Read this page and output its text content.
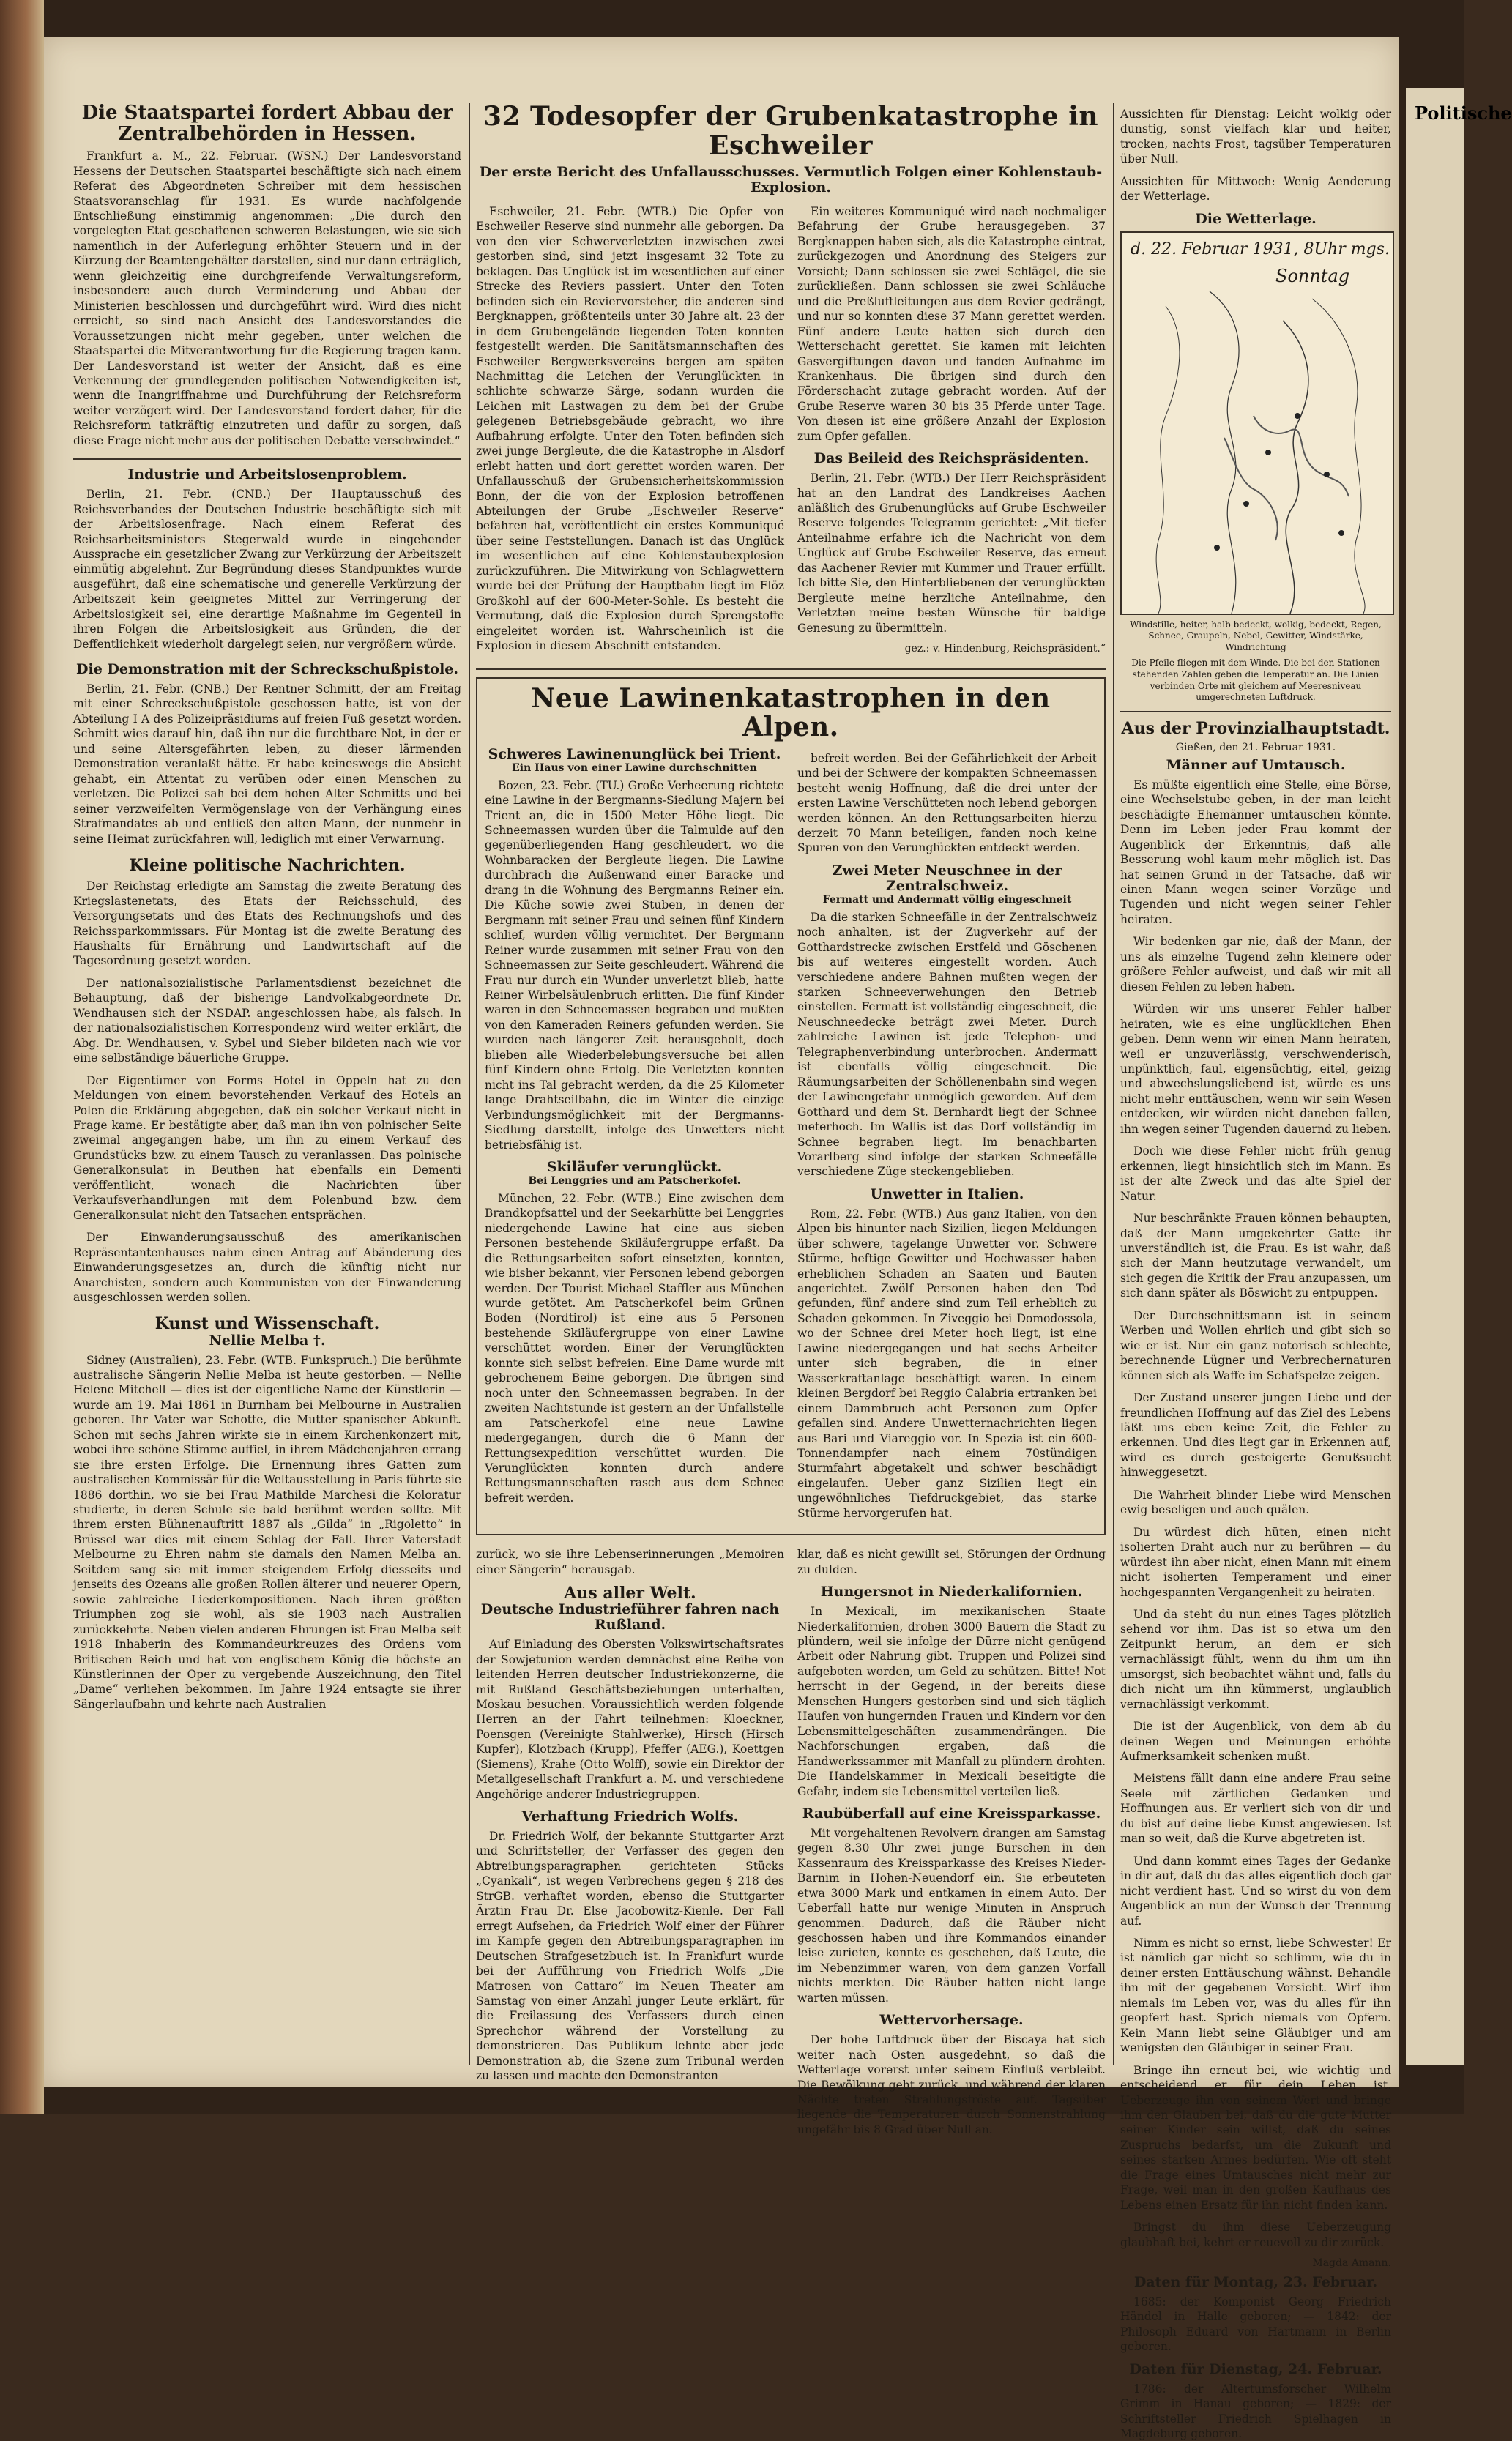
Politische
Die Staatspartei fordert Abbau der Zentralbehörden in Hessen.

Frankfurt a. M., 22. Februar. (WSN.) Der Landesvorstand Hessens der Deutschen Staatspartei beschäftigte sich nach einem Referat des Abgeordneten Schreiber mit dem hessischen Staatsvoranschlag für 1931. Es wurde nachfolgende Entschließung einstimmig angenommen: „Die durch den vorgelegten Etat geschaffenen schweren Belastungen, wie sie sich namentlich in der Auferlegung erhöhter Steuern und in der Kürzung der Beamtengehälter darstellen, sind nur dann erträglich, wenn gleichzeitig eine durchgreifende Verwaltungsreform, insbesondere auch durch Verminderung und Abbau der Ministerien beschlossen und durchgeführt wird. Wird dies nicht erreicht, so sind nach Ansicht des Landesvorstandes die Voraussetzungen nicht mehr gegeben, unter welchen die Staatspartei die Mitverantwortung für die Regierung tragen kann. Der Landesvorstand ist weiter der Ansicht, daß es eine Verkennung der grundlegenden politischen Notwendigkeiten ist, wenn die Inangriffnahme und Durchführung der Reichsreform weiter verzögert wird. Der Landesvorstand fordert daher, für die Reichsreform tatkräftig einzutreten und dafür zu sorgen, daß diese Frage nicht mehr aus der politischen Debatte verschwindet.“

Industrie und Arbeitslosenproblem.

Berlin, 21. Febr. (CNB.) Der Hauptausschuß des Reichsverbandes der Deutschen Industrie beschäftigte sich mit der Arbeitslosenfrage. Nach einem Referat des Reichsarbeitsministers Stegerwald wurde in eingehender Aussprache ein gesetzlicher Zwang zur Verkürzung der Arbeitszeit einmütig abgelehnt. Zur Begründung dieses Standpunktes wurde ausgeführt, daß eine schematische und generelle Verkürzung der Arbeitszeit kein geeignetes Mittel zur Verringerung der Arbeitslosigkeit sei, eine derartige Maßnahme im Gegenteil in ihren Folgen die Arbeitslosigkeit aus Gründen, die der Deffentlichkeit wiederholt dargelegt seien, nur vergrößern würde.

Die Demonstration mit der Schreckschußpistole.

Berlin, 21. Febr. (CNB.) Der Rentner Schmitt, der am Freitag mit einer Schreckschußpistole geschossen hatte, ist von der Abteilung I A des Polizeipräsidiums auf freien Fuß gesetzt worden. Schmitt wies darauf hin, daß ihn nur die furchtbare Not, in der er und seine Altersgefährten leben, zu dieser lärmenden Demonstration veranlaßt hätte. Er habe keineswegs die Absicht gehabt, ein Attentat zu verüben oder einen Menschen zu verletzen. Die Polizei sah bei dem hohen Alter Schmitts und bei seiner verzweifelten Vermögenslage von der Verhängung eines Strafmandates ab und entließ den alten Mann, der nunmehr in seine Heimat zurückfahren will, lediglich mit einer Verwarnung.

Kleine politische Nachrichten.

Der Reichstag erledigte am Samstag die zweite Beratung des Kriegslastenetats, des Etats der Reichsschuld, des Versorgungsetats und des Etats des Rechnungshofs und des Reichssparkommissars. Für Montag ist die zweite Beratung des Haushalts für Ernährung und Landwirtschaft auf die Tagesordnung gesetzt worden.

Der nationalsozialistische Parlamentsdienst bezeichnet die Behauptung, daß der bisherige Landvolkabgeordnete Dr. Wendhausen sich der NSDAP. angeschlossen habe, als falsch. In der nationalsozialistischen Korrespondenz wird weiter erklärt, die Abg. Dr. Wendhausen, v. Sybel und Sieber bildeten nach wie vor eine selbständige bäuerliche Gruppe.

Der Eigentümer von Forms Hotel in Oppeln hat zu den Meldungen von einem bevorstehenden Verkauf des Hotels an Polen die Erklärung abgegeben, daß ein solcher Verkauf nicht in Frage kame. Er bestätigte aber, daß man ihn von polnischer Seite zweimal angegangen habe, um ihn zu einem Verkauf des Grundstücks bzw. zu einem Tausch zu veranlassen. Das polnische Generalkonsulat in Beuthen hat ebenfalls ein Dementi veröffentlicht, wonach die Nachrichten über Verkaufsverhandlungen mit dem Polenbund bzw. dem Generalkonsulat nicht den Tatsachen entsprächen.

Der Einwanderungsausschuß des amerikanischen Repräsentantenhauses nahm einen Antrag auf Abänderung des Einwanderungsgesetzes an, durch die künftig nicht nur Anarchisten, sondern auch Kommunisten von der Einwanderung ausgeschlossen werden sollen.

Kunst und Wissenschaft.
Nellie Melba †.

Sidney (Australien), 23. Febr. (WTB. Funkspruch.) Die berühmte australische Sängerin Nellie Melba ist heute gestorben. — Nellie Helene Mitchell — dies ist der eigentliche Name der Künstlerin — wurde am 19. Mai 1861 in Burnham bei Melbourne in Australien geboren. Ihr Vater war Schotte, die Mutter spanischer Abkunft. Schon mit sechs Jahren wirkte sie in einem Kirchenkonzert mit, wobei ihre schöne Stimme auffiel, in ihrem Mädchenjahren errang sie ihre ersten Erfolge. Die Ernennung ihres Gatten zum australischen Kommissär für die Weltausstellung in Paris führte sie 1886 dorthin, wo sie bei Frau Mathilde Marchesi die Koloratur studierte, in deren Schule sie bald berühmt werden sollte. Mit ihrem ersten Bühnenauftritt 1887 als „Gilda“ in „Rigoletto“ in Brüssel war dies mit einem Schlag der Fall. Ihrer Vaterstadt Melbourne zu Ehren nahm sie damals den Namen Melba an. Seitdem sang sie mit immer steigendem Erfolg diesseits und jenseits des Ozeans alle großen Rollen älterer und neuerer Opern, sowie zahlreiche Liederkompositionen. Nach ihren größten Triumphen zog sie wohl, als sie 1903 nach Australien zurückkehrte. Neben vielen anderen Ehrungen ist Frau Melba seit 1918 Inhaberin des Kommandeurkreuzes des Ordens vom Britischen Reich und hat von englischem König die höchste an Künstlerinnen der Oper zu vergebende Auszeichnung, den Titel „Dame“ verliehen bekommen. Im Jahre 1924 entsagte sie ihrer Sängerlaufbahn und kehrte nach Australien

32 Todesopfer der Grubenkatastrophe in Eschweiler
Der erste Bericht des Unfallausschusses. Vermutlich Folgen einer Kohlenstaub-Explosion.

Eschweiler, 21. Febr. (WTB.) Die Opfer von Eschweiler Reserve sind nunmehr alle geborgen. Da von den vier Schwerverletzten inzwischen zwei gestorben sind, sind jetzt insgesamt 32 Tote zu beklagen. Das Unglück ist im wesentlichen auf einer Strecke des Reviers passiert. Unter den Toten befinden sich ein Reviervorsteher, die anderen sind Bergknappen, größtenteils unter 30 Jahre alt. 23 der in dem Grubengelände liegenden Toten konnten festgestellt werden. Die Sanitätsmannschaften des Eschweiler Bergwerksvereins bergen am späten Nachmittag die Leichen der Verunglückten in schlichte schwarze Särge, sodann wurden die Leichen mit Lastwagen zu dem bei der Grube gelegenen Betriebsgebäude gebracht, wo ihre Aufbahrung erfolgte. Unter den Toten befinden sich zwei junge Bergleute, die die Katastrophe in Alsdorf erlebt hatten und dort gerettet worden waren. Der Unfallausschuß der Grubensicherheitskommission Bonn, der die von der Explosion betroffenen Abteilungen der Grube „Eschweiler Reserve“ befahren hat, veröffentlicht ein erstes Kommuniqué über seine Feststellungen. Danach ist das Unglück im wesentlichen auf eine Kohlenstaubexplosion zurückzuführen. Die Mitwirkung von Schlagwettern wurde bei der Prüfung der Hauptbahn liegt im Flöz Großkohl auf der 600-Meter-Sohle. Es besteht die Vermutung, daß die Explosion durch Sprengstoffe eingeleitet worden ist. Wahrscheinlich ist die Explosion in diesem Abschnitt entstanden.

Ein weiteres Kommuniqué wird nach nochmaliger Befahrung der Grube herausgegeben. 37 Bergknappen haben sich, als die Katastrophe eintrat, zurückgezogen und Anordnung des Steigers zur Vorsicht; Dann schlossen sie zwei Schlägel, die sie zurückließen. Dann schlossen sie zwei Schläuche und die Preßluftleitungen aus dem Revier gedrängt, und nur so konnten diese 37 Mann gerettet werden. Fünf andere Leute hatten sich durch den Wetterschacht gerettet. Sie kamen mit leichten Gasvergiftungen davon und fanden Aufnahme im Krankenhaus. Die übrigen sind durch den Förderschacht zutage gebracht worden. Auf der Grube Reserve waren 30 bis 35 Pferde unter Tage. Von diesen ist eine größere Anzahl der Explosion zum Opfer gefallen.

Das Beileid des Reichspräsidenten.

Berlin, 21. Febr. (WTB.) Der Herr Reichspräsident hat an den Landrat des Landkreises Aachen anläßlich des Grubenunglücks auf Grube Eschweiler Reserve folgendes Telegramm gerichtet: „Mit tiefer Anteilnahme erfahre ich die Nachricht von dem Unglück auf Grube Eschweiler Reserve, das erneut das Aachener Revier mit Kummer und Trauer erfüllt. Ich bitte Sie, den Hinterbliebenen der verunglückten Bergleute meine herzliche Anteilnahme, den Verletzten meine besten Wünsche für baldige Genesung zu übermitteln.

gez.: v. Hindenburg, Reichspräsident.“
Neue Lawinenkatastrophen in den Alpen.
Schweres Lawinenunglück bei Trient.
Ein Haus von einer Lawine durchschnitten

Bozen, 23. Febr. (TU.) Große Verheerung richtete eine Lawine in der Bergmanns-Siedlung Majern bei Trient an, die in 1500 Meter Höhe liegt. Die Schneemassen wurden über die Talmulde auf den gegenüberliegenden Hang geschleudert, wo die Wohnbaracken der Bergleute liegen. Die Lawine durchbrach die Außenwand einer Baracke und drang in die Wohnung des Bergmanns Reiner ein. Die Küche sowie zwei Stuben, in denen der Bergmann mit seiner Frau und seinen fünf Kindern schlief, wurden völlig vernichtet. Der Bergmann Reiner wurde zusammen mit seiner Frau von den Schneemassen zur Seite geschleudert. Während die Frau nur durch ein Wunder unverletzt blieb, hatte Reiner Wirbelsäulenbruch erlitten. Die fünf Kinder waren in den Schneemassen begraben und mußten von den Kameraden Reiners gefunden werden. Sie wurden nach längerer Zeit herausgeholt, doch blieben alle Wiederbelebungsversuche bei allen fünf Kindern ohne Erfolg. Die Verletzten konnten nicht ins Tal gebracht werden, da die 25 Kilometer lange Drahtseilbahn, die im Winter die einzige Verbindungsmöglichkeit mit der Bergmanns-Siedlung darstellt, infolge des Unwetters nicht betriebsfähig ist.

Skiläufer verunglückt.
Bei Lenggries und am Patscherkofel.

München, 22. Febr. (WTB.) Eine zwischen dem Brandkopfsattel und der Seekarhütte bei Lenggries niedergehende Lawine hat eine aus sieben Personen bestehende Skiläufergruppe erfaßt. Da die Rettungsarbeiten sofort einsetzten, konnten, wie bisher bekannt, vier Personen lebend geborgen werden. Der Tourist Michael Staffler aus München wurde getötet. Am Patscherkofel beim Grünen Boden (Nordtirol) ist eine aus 5 Personen bestehende Skiläufergruppe von einer Lawine verschüttet worden. Einer der Verunglückten konnte sich selbst befreien. Eine Dame wurde mit gebrochenem Beine geborgen. Die übrigen sind noch unter den Schneemassen begraben. In der zweiten Nachtstunde ist gestern an der Unfallstelle am Patscherkofel eine neue Lawine niedergegangen, durch die 6 Mann der Rettungsexpedition verschüttet wurden. Die Verunglückten konnten durch andere Rettungsmannschaften rasch aus dem Schnee befreit werden.

befreit werden. Bei der Gefährlichkeit der Arbeit und bei der Schwere der kompakten Schneemassen besteht wenig Hoffnung, daß die drei unter der ersten Lawine Verschütteten noch lebend geborgen werden können. An den Rettungsarbeiten hierzu derzeit 70 Mann beteiligen, fanden noch keine Spuren von den Verunglückten entdeckt werden.

Zwei Meter Neuschnee in der Zentralschweiz.
Fermatt und Andermatt völlig eingeschneit

Da die starken Schneefälle in der Zentralschweiz noch anhalten, ist der Zugverkehr auf der Gotthardstrecke zwischen Erstfeld und Göschenen bis auf weiteres eingestellt worden. Auch verschiedene andere Bahnen mußten wegen der starken Schneeverwehungen den Betrieb einstellen. Fermatt ist vollständig eingeschneit, die Neuschneedecke beträgt zwei Meter. Durch zahlreiche Lawinen ist jede Telephon- und Telegraphenverbindung unterbrochen. Andermatt ist ebenfalls völlig eingeschneit. Die Räumungsarbeiten der Schöllenenbahn sind wegen der Lawinengefahr unmöglich geworden. Auf dem Gotthard und dem St. Bernhardt liegt der Schnee meterhoch. Im Wallis ist das Dorf vollständig im Schnee begraben liegt. Im benachbarten Vorarlberg sind infolge der starken Schneefälle verschiedene Züge steckengeblieben.

Unwetter in Italien.

Rom, 22. Febr. (WTB.) Aus ganz Italien, von den Alpen bis hinunter nach Sizilien, liegen Meldungen über schwere, tagelange Unwetter vor. Schwere Stürme, heftige Gewitter und Hochwasser haben erheblichen Schaden an Saaten und Bauten angerichtet. Zwölf Personen haben den Tod gefunden, fünf andere sind zum Teil erheblich zu Schaden gekommen. In Ziveggio bei Domodossola, wo der Schnee drei Meter hoch liegt, ist eine Lawine niedergegangen und hat sechs Arbeiter unter sich begraben, die in einer Wasserkraftanlage beschäftigt waren. In einem kleinen Bergdorf bei Reggio Calabria ertranken bei einem Dammbruch acht Personen zum Opfer gefallen sind. Andere Unwetternachrichten liegen aus Bari und Viareggio vor. In Spezia ist ein 600-Tonnendampfer nach einem 70stündigen Sturmfahrt abgetakelt und schwer beschädigt eingelaufen. Ueber ganz Sizilien liegt ein ungewöhnliches Tiefdruckgebiet, das starke Stürme hervorgerufen hat.

zurück, wo sie ihre Lebenserinnerungen „Memoiren einer Sängerin“ herausgab.

Aus aller Welt.
Deutsche Industrieführer fahren nach Rußland.

Auf Einladung des Obersten Volkswirtschaftsrates der Sowjetunion werden demnächst eine Reihe von leitenden Herren deutscher Industriekonzerne, die mit Rußland Geschäftsbeziehungen unterhalten, Moskau besuchen. Voraussichtlich werden folgende Herren an der Fahrt teilnehmen: Kloeckner, Poensgen (Vereinigte Stahlwerke), Hirsch (Hirsch Kupfer), Klotzbach (Krupp), Pfeffer (AEG.), Koettgen (Siemens), Krahe (Otto Wolff), sowie ein Direktor der Metallgesellschaft Frankfurt a. M. und verschiedene Angehörige anderer Industriegruppen.

Verhaftung Friedrich Wolfs.

Dr. Friedrich Wolf, der bekannte Stuttgarter Arzt und Schriftsteller, der Verfasser des gegen den Abtreibungsparagraphen gerichteten Stücks „Cyankali“, ist wegen Verbrechens gegen § 218 des StrGB. verhaftet worden, ebenso die Stuttgarter Ärztin Frau Dr. Else Jacobowitz-Kienle. Der Fall erregt Aufsehen, da Friedrich Wolf einer der Führer im Kampfe gegen den Abtreibungsparagraphen im Deutschen Strafgesetzbuch ist. In Frankfurt wurde bei der Aufführung von Friedrich Wolfs „Die Matrosen von Cattaro“ im Neuen Theater am Samstag von einer Anzahl junger Leute erklärt, für die Freilassung des Verfassers durch einen Sprechchor während der Vorstellung zu demonstrieren. Das Publikum lehnte aber jede Demonstration ab, die Szene zum Tribunal werden zu lassen und machte den Demonstranten

klar, daß es nicht gewillt sei, Störungen der Ordnung zu dulden.

Hungersnot in Niederkalifornien.

In Mexicali, im mexikanischen Staate Niederkalifornien, drohen 3000 Bauern die Stadt zu plündern, weil sie infolge der Dürre nicht genügend Arbeit oder Nahrung gibt. Truppen und Polizei sind aufgeboten worden, um Geld zu schützen. Bitte! Not herrscht in der Gegend, in der bereits diese Menschen Hungers gestorben sind und sich täglich Haufen von hungernden Frauen und Kindern vor den Lebensmittelgeschäften zusammendrängen. Die Nachforschungen ergaben, daß die Handwerkssammer mit Manfall zu plündern drohten. Die Handelskammer in Mexicali beseitigte die Gefahr, indem sie Lebensmittel verteilen ließ.

Raubüberfall auf eine Kreissparkasse.

Mit vorgehaltenen Revolvern drangen am Samstag gegen 8.30 Uhr zwei junge Burschen in den Kassenraum des Kreissparkasse des Kreises Nieder-Barnim in Hohen-Neuendorf ein. Sie erbeuteten etwa 3000 Mark und entkamen in einem Auto. Der Ueberfall hatte nur wenige Minuten in Anspruch genommen. Dadurch, daß die Räuber nicht geschossen haben und ihre Kommandos einander leise zuriefen, konnte es geschehen, daß Leute, die im Nebenzimmer waren, von dem ganzen Vorfall nichts merkten. Die Räuber hatten nicht lange warten müssen.

Wettervorhersage.

Der hohe Luftdruck über der Biscaya hat sich weiter nach Osten ausgedehnt, so daß die Wetterlage vorerst unter seinem Einfluß verbleibt. Die Bewölkung geht zurück, und während der klaren Nächte treten Strahlungsfröste auf. Tagsüber liegende die Temperaturen durch Sonnenstrahlung ungefähr bis 8 Grad über Null an.

Aussichten für Dienstag: Leicht wolkig oder dunstig, sonst vielfach klar und heiter, trocken, nachts Frost, tagsüber Temperaturen über Null.

Aussichten für Mittwoch: Wenig Aenderung der Wetterlage.

Die Wetterlage.
d. 22. Februar 1931, 8Uhr mgs.
Sonntag
Windstille, heiter, halb bedeckt, wolkig, bedeckt, Regen, Schnee, Graupeln, Nebel, Gewitter, Windstärke, Windrichtung
Die Pfeile fliegen mit dem Winde. Die bei den Stationen stehenden Zahlen geben die Temperatur an. Die Linien verbinden Orte mit gleichem auf Meeresniveau umgerechneten Luftdruck.
Aus der Provinzialhauptstadt.
Gießen, den 21. Februar 1931.
Männer auf Umtausch.

Es müßte eigentlich eine Stelle, eine Börse, eine Wechselstube geben, in der man leicht beschädigte Ehemänner umtauschen könnte. Denn im Leben jeder Frau kommt der Augenblick der Erkenntnis, daß alle Besserung wohl kaum mehr möglich ist. Das hat seinen Grund in der Tatsache, daß wir einen Mann wegen seiner Vorzüge und Tugenden und nicht wegen seiner Fehler heiraten.

Wir bedenken gar nie, daß der Mann, der uns als einzelne Tugend zehn kleinere oder größere Fehler aufweist, und daß wir mit all diesen Fehlen zu leben haben.

Würden wir uns unserer Fehler halber heiraten, wie es eine unglücklichen Ehen geben. Denn wenn wir einen Mann heiraten, weil er unzuverlässig, verschwenderisch, unpünktlich, faul, eigensüchtig, eitel, geizig und abwechslungsliebend ist, würde es uns nicht mehr enttäuschen, wenn wir sein Wesen entdecken, wir würden nicht daneben fallen, ihn wegen seiner Tugenden dauernd zu lieben.

Doch wie diese Fehler nicht früh genug erkennen, liegt hinsichtlich sich im Mann. Es ist der alte Zweck und das alte Spiel der Natur.

Nur beschränkte Frauen können behaupten, daß der Mann umgekehrter Gatte ihr unverständlich ist, die Frau. Es ist wahr, daß sich der Mann heutzutage verwandelt, um sich gegen die Kritik der Frau anzupassen, um sich dann später als Böswicht zu entpuppen.

Der Durchschnittsmann ist in seinem Werben und Wollen ehrlich und gibt sich so wie er ist. Nur ein ganz notorisch schlechte, berechnende Lügner und Verbrechernaturen können sich als Waffe im Schafspelze zeigen.

Der Zustand unserer jungen Liebe und der freundlichen Hoffnung auf das Ziel des Lebens läßt uns eben keine Zeit, die Fehler zu erkennen. Und dies liegt gar in Erkennen auf, wird es durch gesteigerte Genußsucht hinweggesetzt.

Die Wahrheit blinder Liebe wird Menschen ewig beseligen und auch quälen.

Du würdest dich hüten, einen nicht isolierten Draht auch nur zu berühren — du würdest ihn aber nicht, einen Mann mit einem nicht isolierten Temperament und einer hochgespannten Vergangenheit zu heiraten.

Und da steht du nun eines Tages plötzlich sehend vor ihm. Das ist so etwa um den Zeitpunkt herum, an dem er sich vernachlässigt fühlt, wenn du ihm um ihn umsorgst, sich beobachtet wähnt und, falls du dich nicht um ihn kümmerst, unglaublich vernachlässigt verkommt.

Die ist der Augenblick, von dem ab du deinen Wegen und Meinungen erhöhte Aufmerksamkeit schenken mußt.

Meistens fällt dann eine andere Frau seine Seele mit zärtlichen Gedanken und Hoffnungen aus. Er verliert sich von dir und du bist auf deine liebe Kunst angewiesen. Ist man so weit, daß die Kurve abgetreten ist.

Und dann kommt eines Tages der Gedanke in dir auf, daß du das alles eigentlich doch gar nicht verdient hast. Und so wirst du von dem Augenblick an nun der Wunsch der Trennung auf.

Nimm es nicht so ernst, liebe Schwester! Er ist nämlich gar nicht so schlimm, wie du in deiner ersten Enttäuschung wähnst. Behandle ihn mit der gegebenen Vorsicht. Wirf ihm niemals im Leben vor, was du alles für ihn geopfert hast. Sprich niemals von Opfern. Kein Mann liebt seine Gläubiger und am wenigsten den Gläubiger in seiner Frau.

Bringe ihn erneut bei, wie wichtig und entscheidend er für dein Leben ist. Ueberzeuge ihn von seinem Wert und bringe ihm den Glauben bei, daß du die gute Mutter seiner Kinder sein willst, daß du seines Zuspruchs bedarfst, um die Zukunft und seines starken Armes bedürfen. Wie oft steht die Frage eines Umtausches nicht mehr zur Frage, weil man in den großen Kaufhaus des Lebens einen Ersatz für ihn nicht finden kann.

Bringst du ihm diese Ueberzeugung glaubhaft bei, kehrt er reuevoll zu dir zurück.

Magda Amann.
Daten für Montag, 23. Februar.

1685: der Komponist Georg Friedrich Händel in Halle geboren; — 1842: der Philosoph Eduard von Hartmann in Berlin geboren.

Daten für Dienstag, 24. Februar.

1786: der Altertumsforscher Wilhelm Grimm in Hanau geboren; — 1829: der Schriftsteller Friedrich Spielhagen in Magdeburg geboren.
